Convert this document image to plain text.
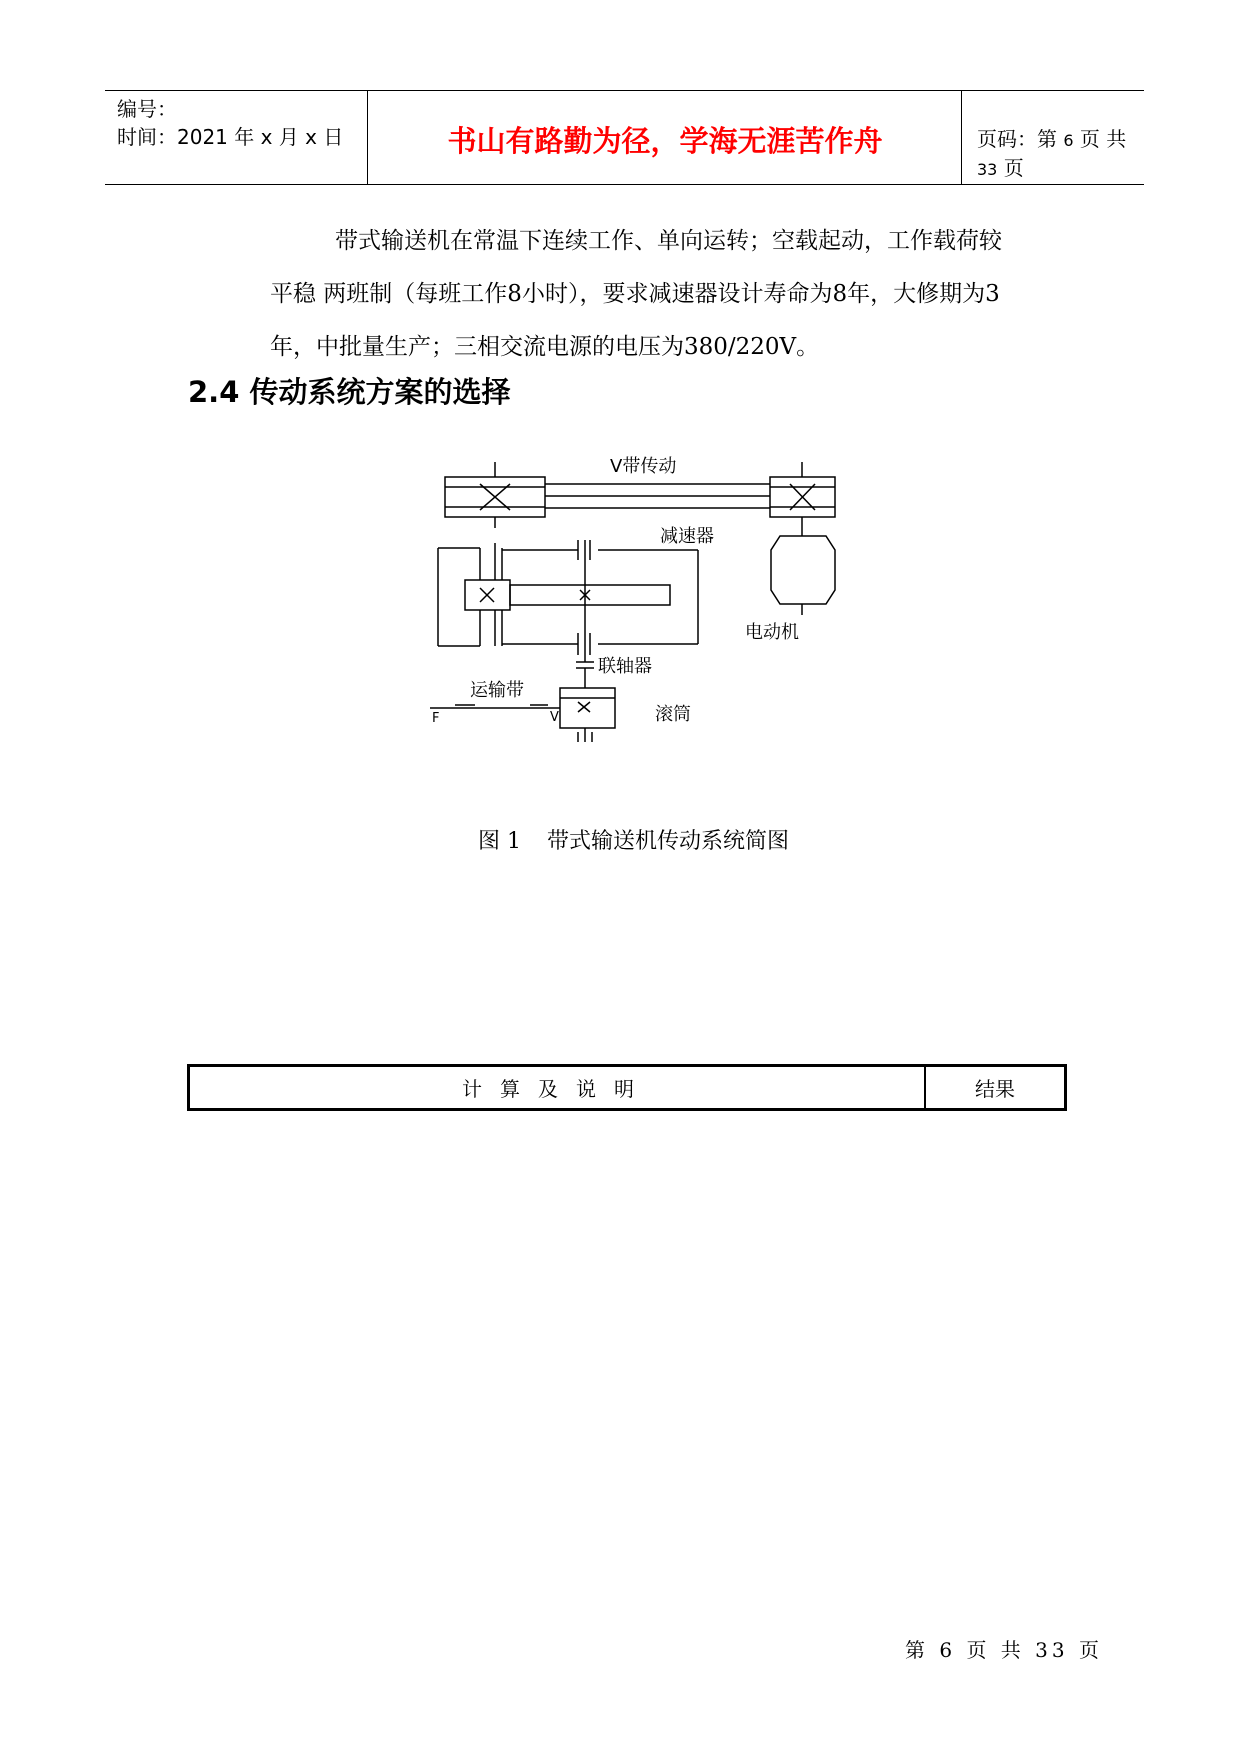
编号：
时间：2021 年 x 月 x 日	书山有路勤为径，学海无涯苦作舟	页码：第 6 页 共 33 页

带式输送机在常温下连续工作、单向运转；空载起动，工作载荷较

平稳 两班制（每班工作8小时），要求减速器设计寿命为8年，大修期为3

年，中批量生产；三相交流电源的电压为380/220V。

2.4 传动系统方案的选择
V带传动
减速器
电动机
联轴器
运输带
滚筒
F	V
图 1 带式输送机传动系统简图
计算及说明	结果
第 6 页 共 33 页
